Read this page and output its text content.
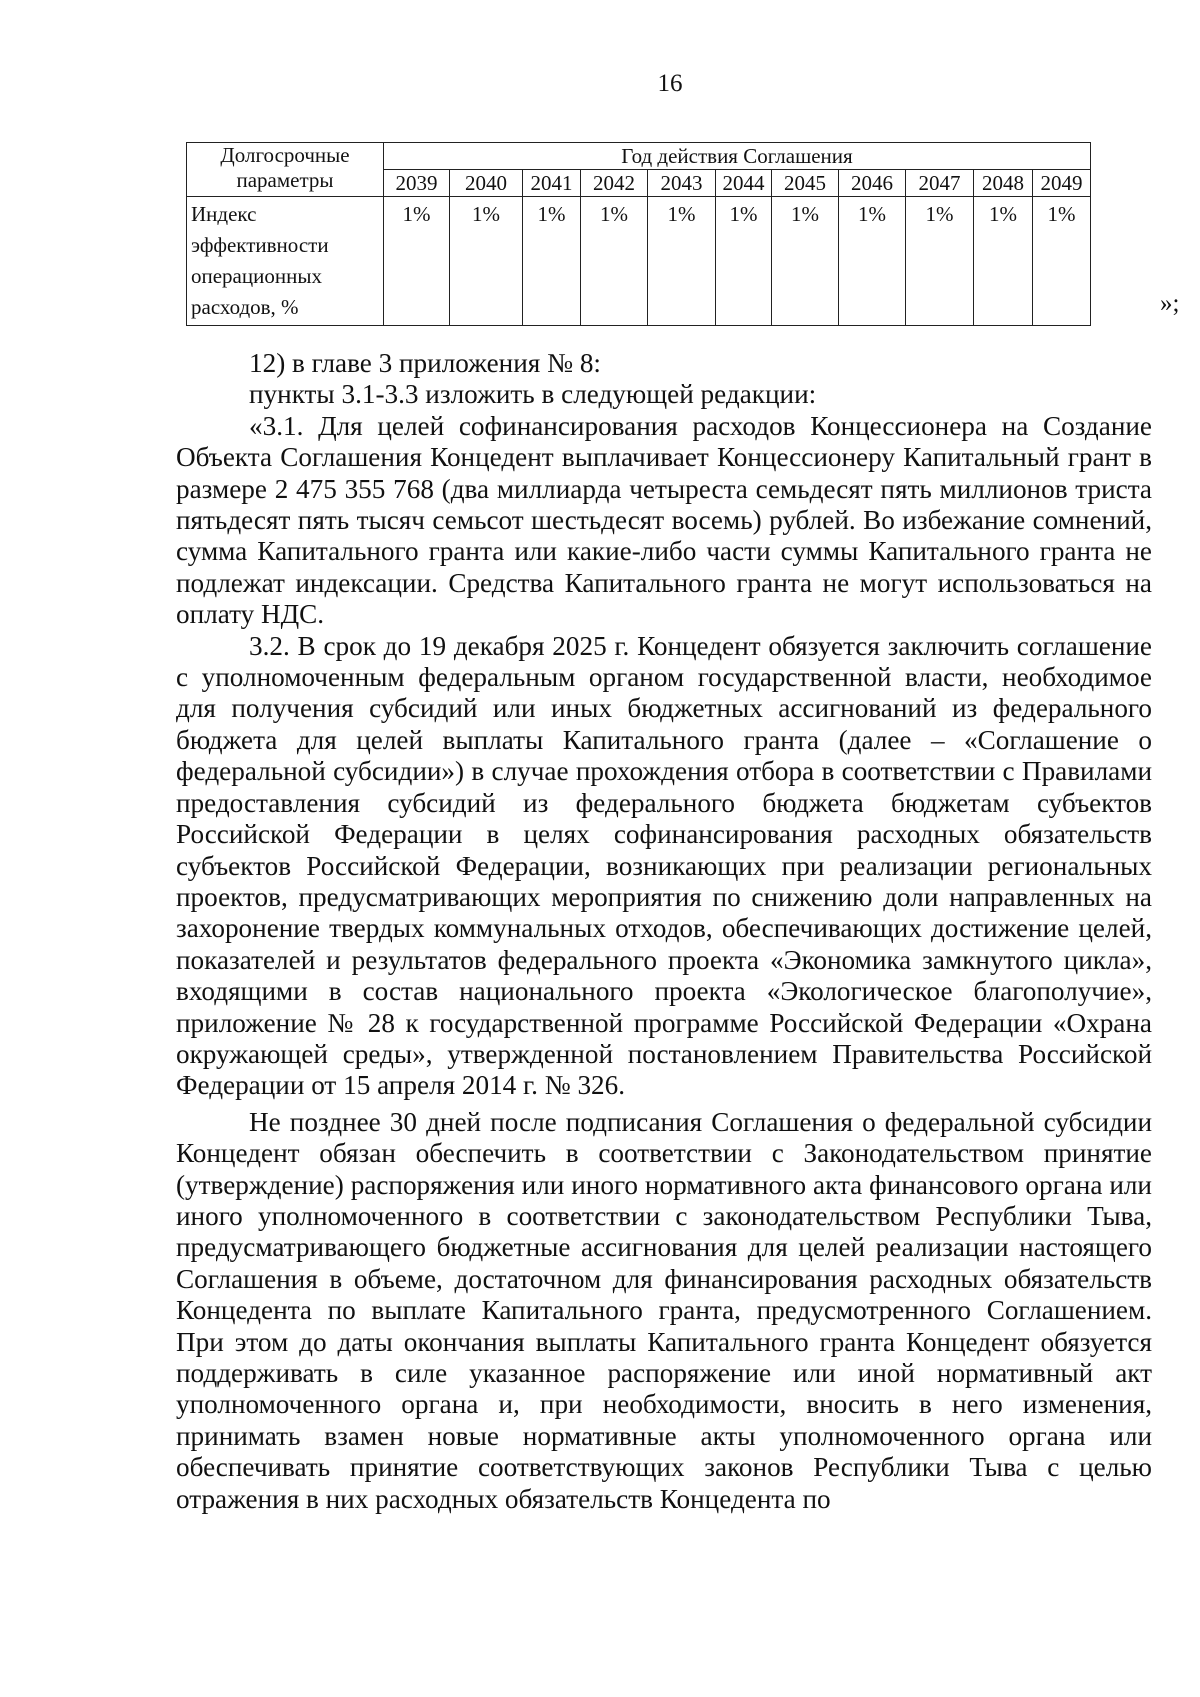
16
Долгосрочные параметры	Год действия Соглашения										
	2039	2040	2041	2042	2043	2044	2045	2046	2047	2048	2049
Индекс эффективности операционных расходов, %	1%	1%	1%	1%	1%	1%	1%	1%	1%	1%	1%
»;

12) в главе 3 приложения № 8:

пункты 3.1-3.3 изложить в следующей редакции:

«3.1. Для целей софинансирования расходов Концессионера на Создание Объекта Соглашения Концедент выплачивает Концессионеру Капитальный грант в размере 2 475 355 768 (два миллиарда четыреста семьдесят пять миллионов триста пятьдесят пять тысяч семьсот шестьдесят восемь) рублей. Во избежание сомнений, сумма Капитального гранта или какие-либо части суммы Капитального гранта не подлежат индексации. Средства Капитального гранта не могут использоваться на оплату НДС.

3.2. В срок до 19 декабря 2025 г. Концедент обязуется заключить соглашение с уполномоченным федеральным органом государственной власти, необходимое для получения субсидий или иных бюджетных ассигнований из федерального бюджета для целей выплаты Капитального гранта (далее – «Соглашение о федеральной субсидии») в случае прохождения отбора в соответствии с Правилами предоставления субсидий из федерального бюджета бюджетам субъектов Российской Федерации в целях софинансирования расходных обязательств субъектов Российской Федерации, возникающих при реализации региональных проектов, предусматривающих мероприятия по снижению доли направленных на захоронение твердых коммунальных отходов, обеспечивающих достижение целей, показателей и результатов федерального проекта «Экономика замкнутого цикла», входящими в состав национального проекта «Экологическое благополучие», приложение № 28 к государственной программе Российской Федерации «Охрана окружающей среды», утвержденной постановлением Правительства Российской Федерации от 15 апреля 2014 г. № 326.

Не позднее 30 дней после подписания Соглашения о федеральной субсидии Концедент обязан обеспечить в соответствии с Законодательством принятие (утверждение) распоряжения или иного нормативного акта финансового органа или иного уполномоченного в соответствии с законодательством Республики Тыва, предусматривающего бюджетные ассигнования для целей реализации настоящего Соглашения в объеме, достаточном для финансирования расходных обязательств Концедента по выплате Капитального гранта, предусмотренного Соглашением. При этом до даты окончания выплаты Капитального гранта Концедент обязуется поддерживать в силе указанное распоряжение или иной нормативный акт уполномоченного органа и, при необходимости, вносить в него изменения, принимать взамен новые нормативные акты уполномоченного органа или обеспечивать принятие соответствующих законов Республики Тыва с целью отражения в них расходных обязательств Концедента по
